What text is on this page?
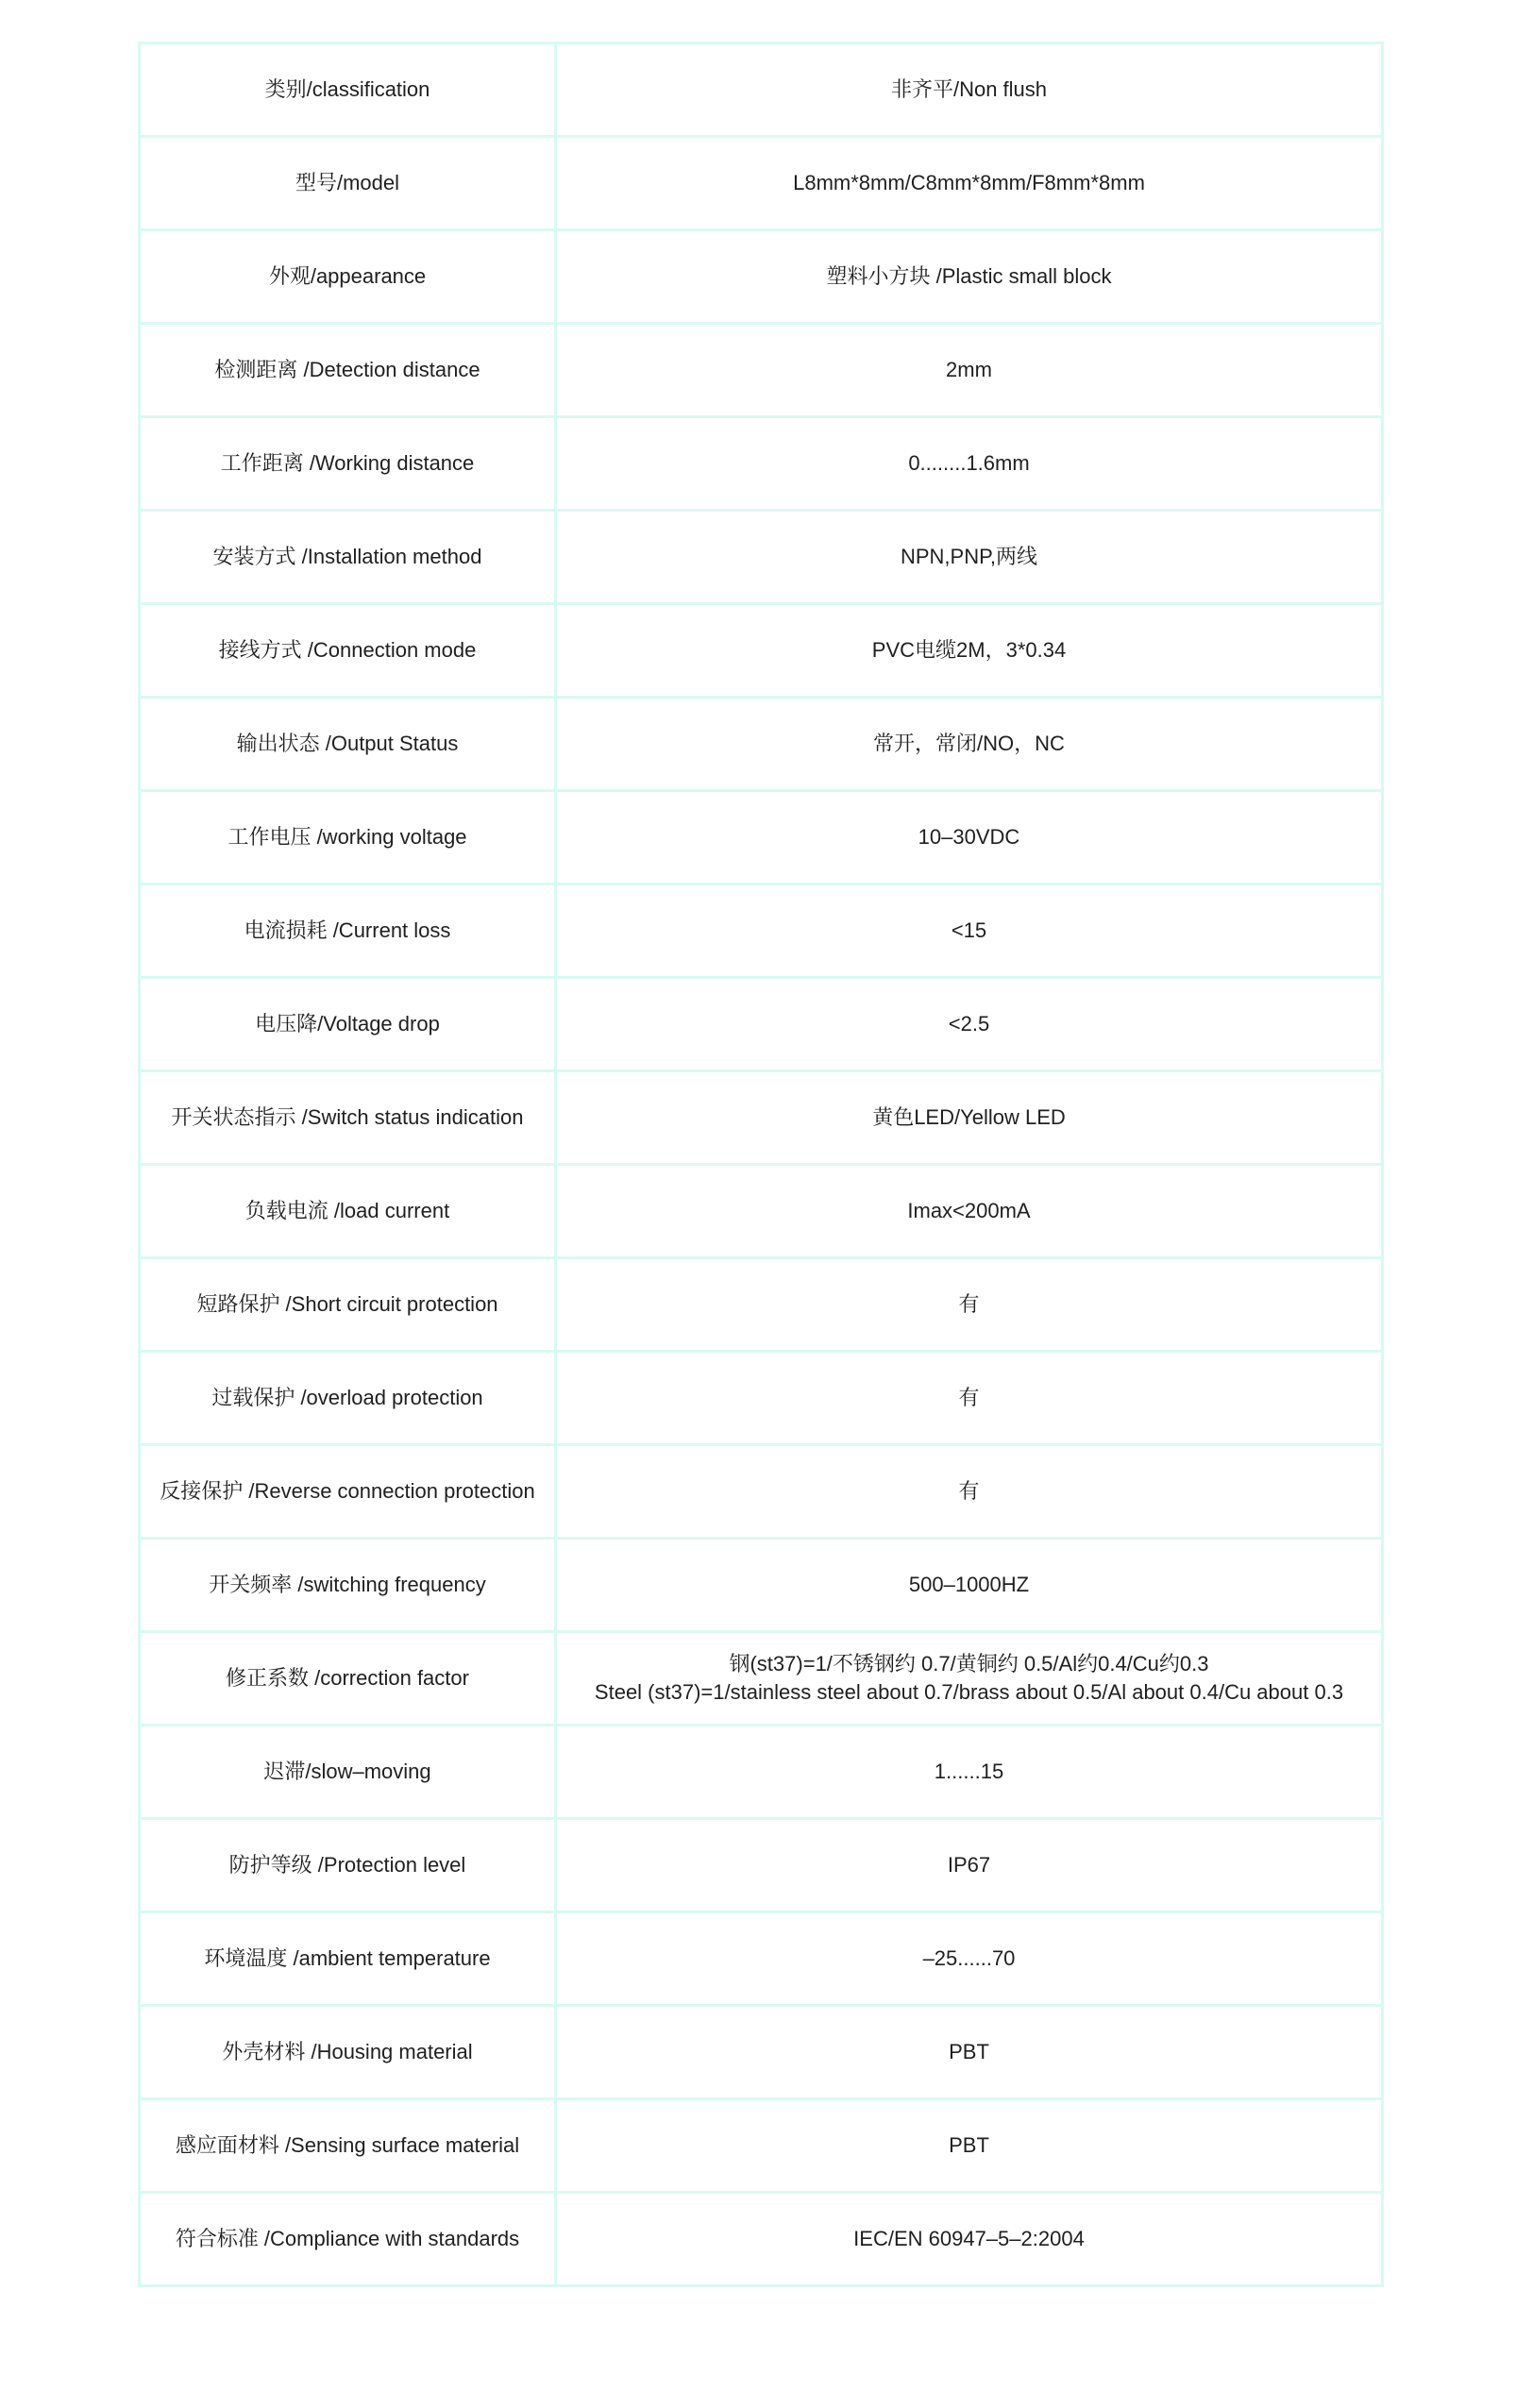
类别/classification	非齐平/Non flush

型号/model	L8mm*8mm/C8mm*8mm/F8mm*8mm

外观/appearance	塑料小方块 /Plastic small block

检测距离 /Detection distance	2mm

工作距离 /Working distance	0........1.6mm

安装方式 /Installation method	NPN,PNP,两线

接线方式 /Connection mode	PVC电缆2M，3*0.34

输出状态 /Output Status	常开，常闭/NO，NC

工作电压 /working voltage	10–30VDC

电流损耗 /Current loss	<15

电压降/Voltage drop	<2.5

开关状态指示 /Switch status indication	黄色LED/Yellow LED

负载电流 /load current	Imax<200mA

短路保护 /Short circuit protection	有

过载保护 /overload protection	有

反接保护 /Reverse connection protection	有

开关频率 /switching frequency	500–1000HZ

修正系数 /correction factor	钢(st37)=1/不锈钢约 0.7/黄铜约 0.5/Al约0.4/Cu约0.3
Steel (st37)=1/stainless steel about 0.7/brass about 0.5/Al about 0.4/Cu about 0.3

迟滞/slow–moving	1......15

防护等级 /Protection level	IP67

环境温度 /ambient temperature	–25......70

外壳材料 /Housing material	PBT

感应面材料 /Sensing surface material	PBT

符合标准 /Compliance with standards	IEC/EN 60947–5–2:2004
